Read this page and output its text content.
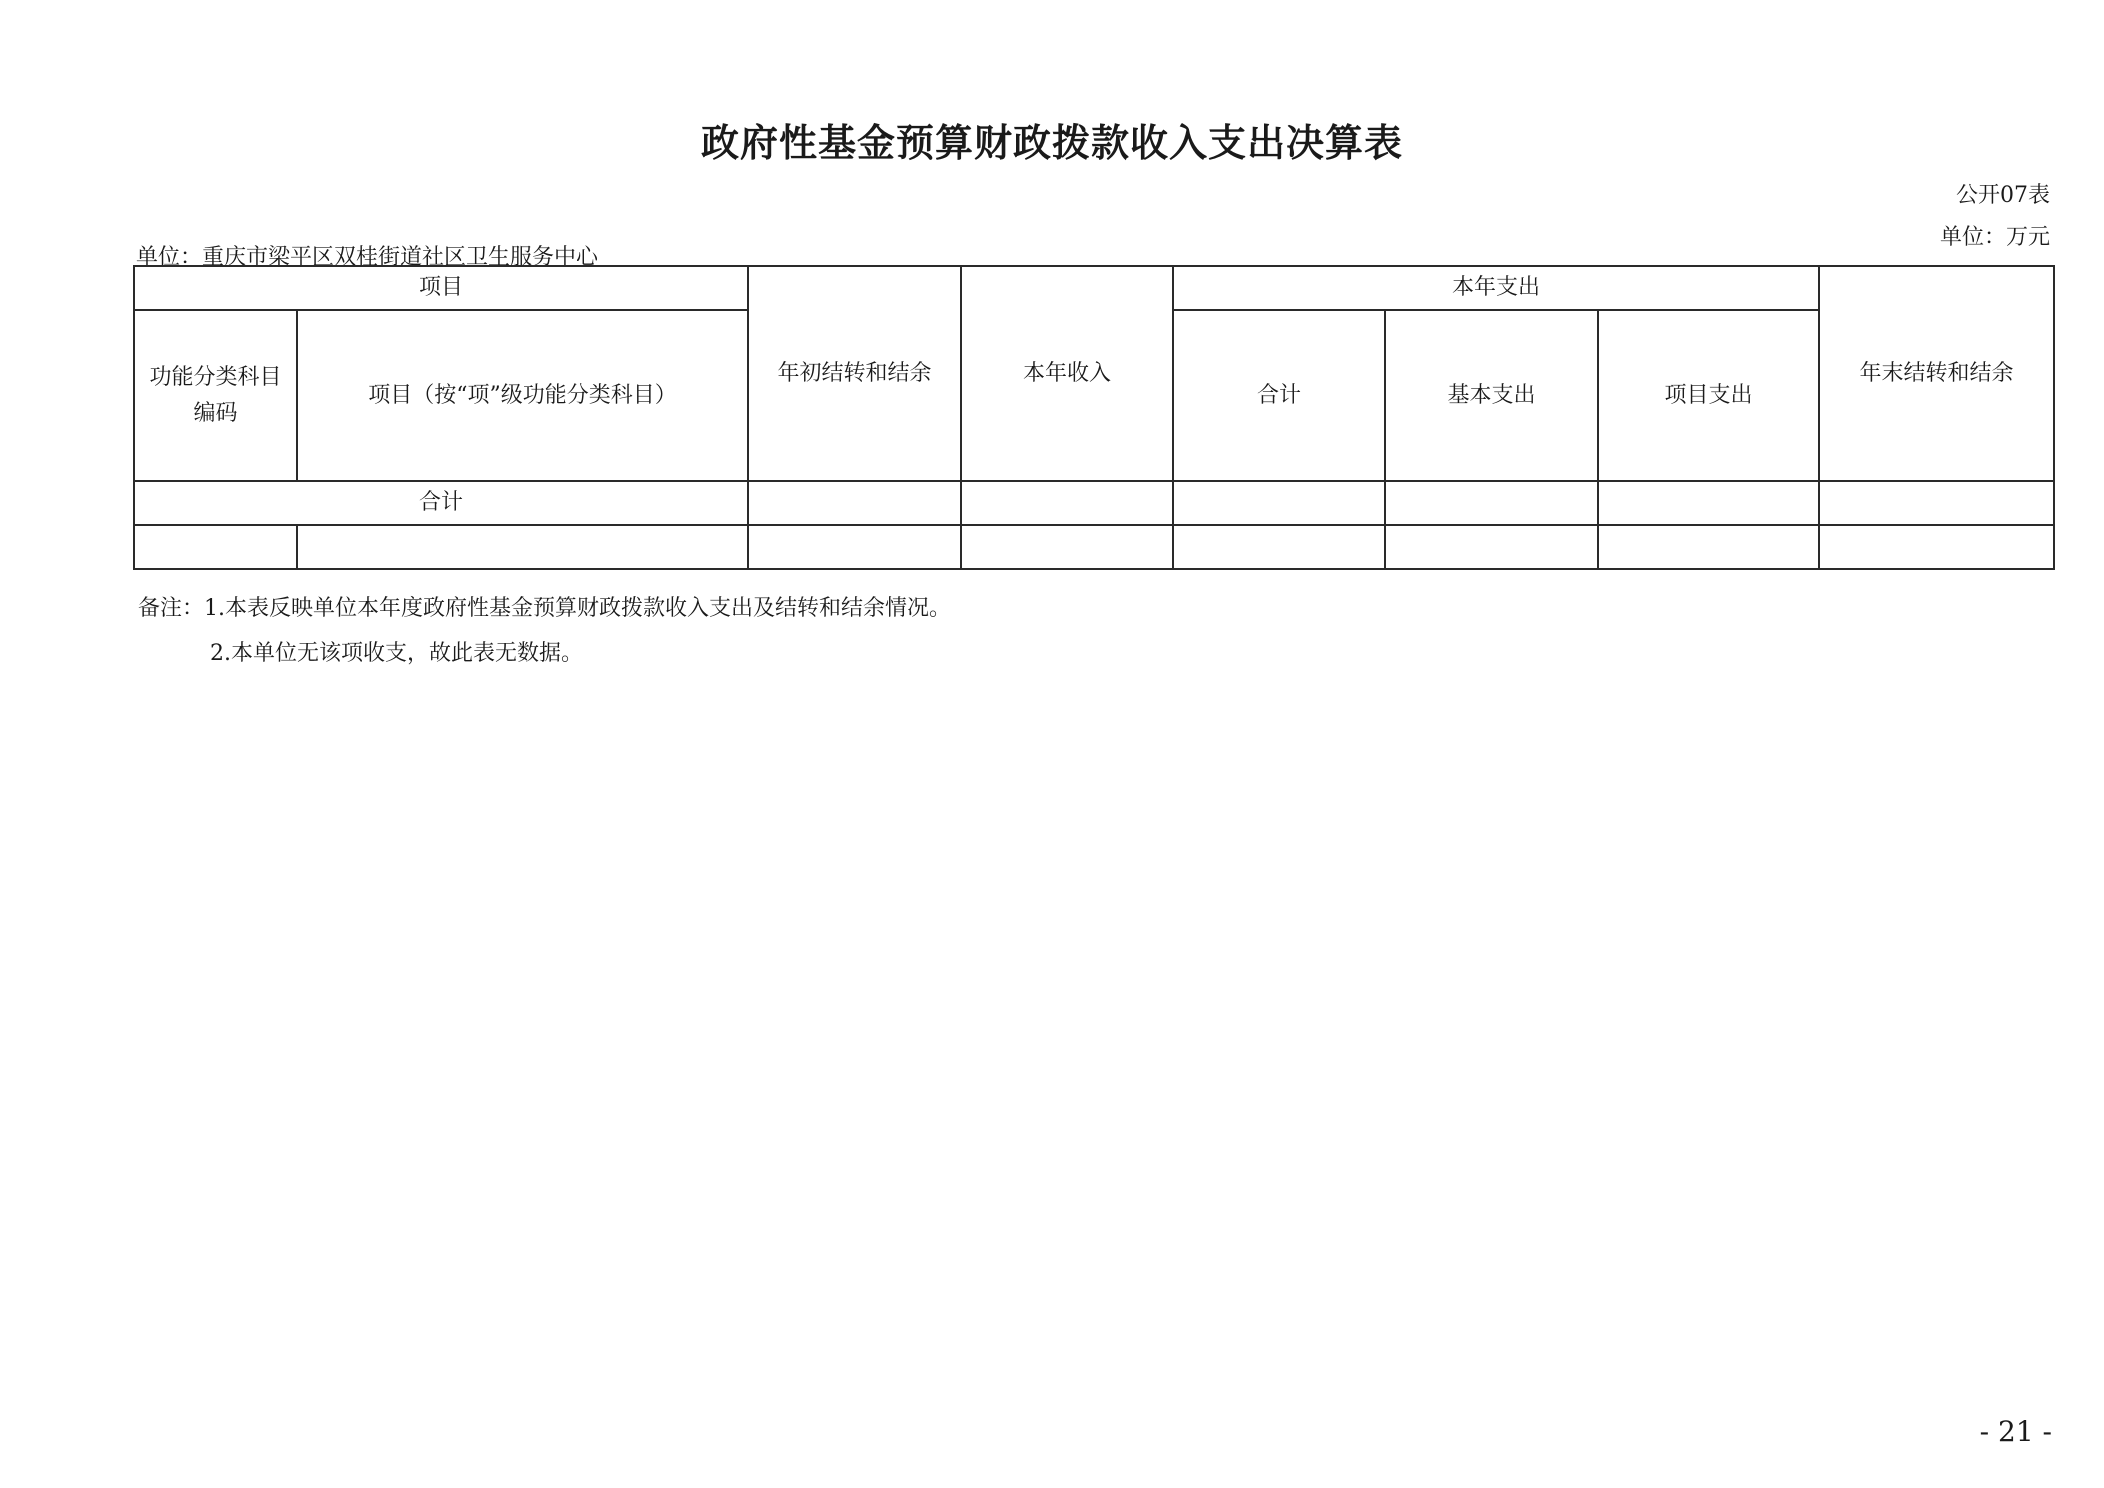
政府性基金预算财政拨款收入支出决算表
公开07表
单位：万元
单位：重庆市梁平区双桂街道社区卫生服务中心
项目		年初结转和结余	本年收入	本年支出			年末结转和结余
功能分类科目编码	项目（按“项”级功能分类科目）			合计	基本支出	项目支出	

合计							

备注：1.本表反映单位本年度政府性基金预算财政拨款收入支出及结转和结余情况。
2.本单位无该项收支，故此表无数据。
- 21 -
